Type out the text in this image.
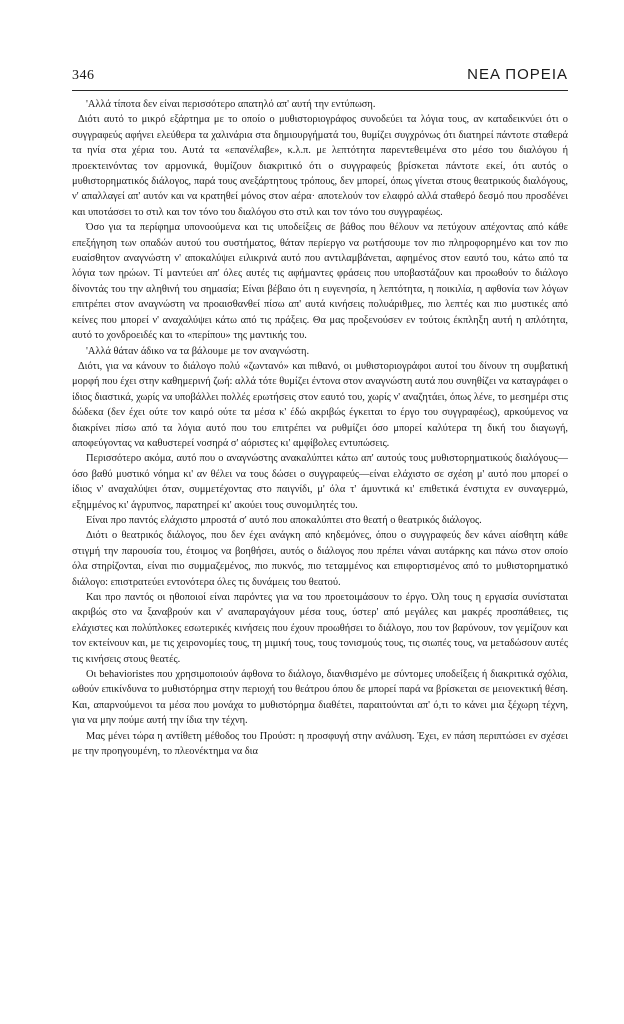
346	ΝΕΑ ΠΟΡΕΙΑ

'Αλλά τίποτα δεν είναι περισσότερο απατηλό απ' αυτή την εντύπωση.

Διότι αυτό το μικρό εξάρτημα με το οποίο ο μυθιστοριογράφος συνοδεύει τα λόγια τους, αν καταδεικνύει ότι ο συγγραφεύς αφήνει ελεύθερα τα χαλινάρια στα δημιουργήματά του, θυμίζει συγχρόνως ότι διατηρεί πάντοτε σταθερά τα ηνία στα χέρια του. Αυτά τα «επανέλαβε», κ.λ.π. με λεπτότητα παρεντεθειμένα στο μέσο του διαλόγου ή προεκτεινόντας τον αρμονικά, θυμίζουν διακριτικό ότι ο συγγραφεύς βρίσκεται πάντοτε εκεί, ότι αυτός ο μυθιστορηματικός διάλογος, παρά τους ανεξάρτητους τρόπους, δεν μπορεί, όπως γίνεται στους θεατρικούς διαλόγους, ν' απαλλαγεί απ' αυτόν και να κρατηθεί μόνος στον αέρα· αποτελούν τον ελαφρό αλλά σταθερό δεσμό που προσδένει και υποτάσσει το στιλ και τον τόνο του διαλόγου στο στιλ και τον τόνο του συγγραφέως.

Όσο για τα περίφημα υπονοούμενα και τις υποδείξεις σε βάθος που θέλουν να πετύχουν απέχοντας από κάθε επεξήγηση των οπαδών αυτού του συστήματος, θάταν περίεργο να ρωτήσουμε τον πιο πληροφορημένο και τον πιο ευαίσθητον αναγνώστη ν' αποκαλύψει ειλικρινά αυτό που αντιλαμβάνεται, αφημένος στον εαυτό του, κάτω από τα λόγια των ηρώων. Τί μαντεύει απ' όλες αυτές τις αφήμαντες φράσεις που υποβαστάζουν και προωθούν το διάλογο δίνοντάς του την αληθινή του σημασία; Είναι βέβαιο ότι η ευγενησία, η λεπτότητα, η ποικιλία, η αφθονία των λόγων επιτρέπει στον αναγνώστη να προαισθανθεί πίσω απ' αυτά κινήσεις πολυάριθμες, πιο λεπτές και πιο μυστικές από κείνες που μπορεί ν' αναχαλύψει κάτω από τις πράξεις. Θα μας προξενούσεν εν τούτοις έκπληξη αυτή η απλότητα, αυτό το χονδροειδές και το «περίπου» της μαντικής του.

'Αλλά θάταν άδικο να τα βάλουμε με τον αναγνώστη.

Διότι, για να κάνουν το διάλογο πολύ «ζωντανό» και πιθανό, οι μυθιστοριογράφοι αυτοί του δίνουν τη συμβατική μορφή που έχει στην καθημερινή ζωή: αλλά τότε θυμίζει έντονα στον αναγνώστη αυτά που συνηθίζει να καταγράφει ο ίδιος διαστικά, χωρίς να υποβάλλει πολλές ερωτήσεις στον εαυτό του, χωρίς ν' αναζητάει, όπως λένε, το μεσημέρι στις δώδεκα (δεν έχει ούτε τον καιρό ούτε τα μέσα κ' έδώ ακριβώς έγκειται το έργο του συγγραφέως), αρκούμενος να διακρίνει πίσω από τα λόγια αυτό που του επιτρέπει να ρυθμίζει όσο μπορεί καλύτερα τη δική του διαγωγή, αποφεύγοντας να καθυστερεί νοσηρά σ' αόριστες κι' αμφίβολες εντυπώσεις.

Περισσότερο ακόμα, αυτό που ο αναγνώστης ανακαλύπτει κάτω απ' αυτούς τους μυθιστορηματικούς διαλόγους—όσο βαθύ μυστικό νόημα κι' αν θέλει να τους δώσει ο συγγραφεύς—είναι ελάχιστο σε σχέση μ' αυτό που μπορεί ο ίδιος ν' αναχαλύψει όταν, συμμετέχοντας στο παιγνίδι, μ' όλα τ' άμυντικά κι' επιθετικά ένστιχτα εν συναγερμώ, εξημμένος κι' άγρυπνος, παρατηρεί κι' ακούει τους συνομιλητές του.

Είναι προ παντός ελάχιστο μπροστά σ' αυτό που αποκαλύπτει στο θεατή ο θεατρικός διάλογος.

Διότι ο θεατρικός διάλογος, που δεν έχει ανάγκη από κηδεμόνες, όπου ο συγγραφεύς δεν κάνει αίσθητη κάθε στιγμή την παρουσία του, έτοιμος να βοηθήσει, αυτός ο διάλογος που πρέπει νάναι αυτάρκης και πάνω στον οποίο όλα στηρίζονται, είναι πιο συμμαζεμένος, πιο πυκνός, πιο τεταμμένος και επιφορτισμένος από το μυθιστορηματικό διάλογο: επιστρατεύει εντονότερα όλες τις δυνάμεις του θεατού.

Και προ παντός οι ηθοποιοί είναι παρόντες για να του προετοιμάσουν το έργο. Όλη τους η εργασία συνίσταται ακριβώς στο να ξαναβρούν και ν' αναπαραγάγουν μέσα τους, ύστερ' από μεγάλες και μακρές προσπάθειες, τις ελάχιστες και πολύπλοκες εσωτερικές κινήσεις που έχουν προωθήσει το διάλογο, που τον βαρύνουν, τον γεμίζουν και τον εκτείνουν και, με τις χειρονομίες τους, τη μιμική τους, τους τονισμούς τους, τις σιωπές τους, να μεταδώσουν αυτές τις κινήσεις στους θεατές.

Οι behavioristes που χρησιμοποιούν άφθονα το διάλογο, διανθισμένο με σύντομες υποδείξεις ή διακριτικά σχόλια, ωθούν επικίνδυνα το μυθιστόρημα στην περιοχή του θεάτρου όπου δε μπορεί παρά να βρίσκεται σε μειονεκτική θέση. Και, απαρνούμενοι τα μέσα που μονάχα το μυθιστόρημα διαθέτει, παραιτούνται απ' ό,τι το κάνει μια ξέχωρη τέχνη, για να μην πούμε αυτή την ίδια την τέχνη.

Μας μένει τώρα η αντίθετη μέθοδος του Προύστ: η προσφυγή στην ανάλυση. Έχει, εν πάση περιπτώσει εν σχέσει με την προηγουμένη, το πλεονέκτημα να δια
